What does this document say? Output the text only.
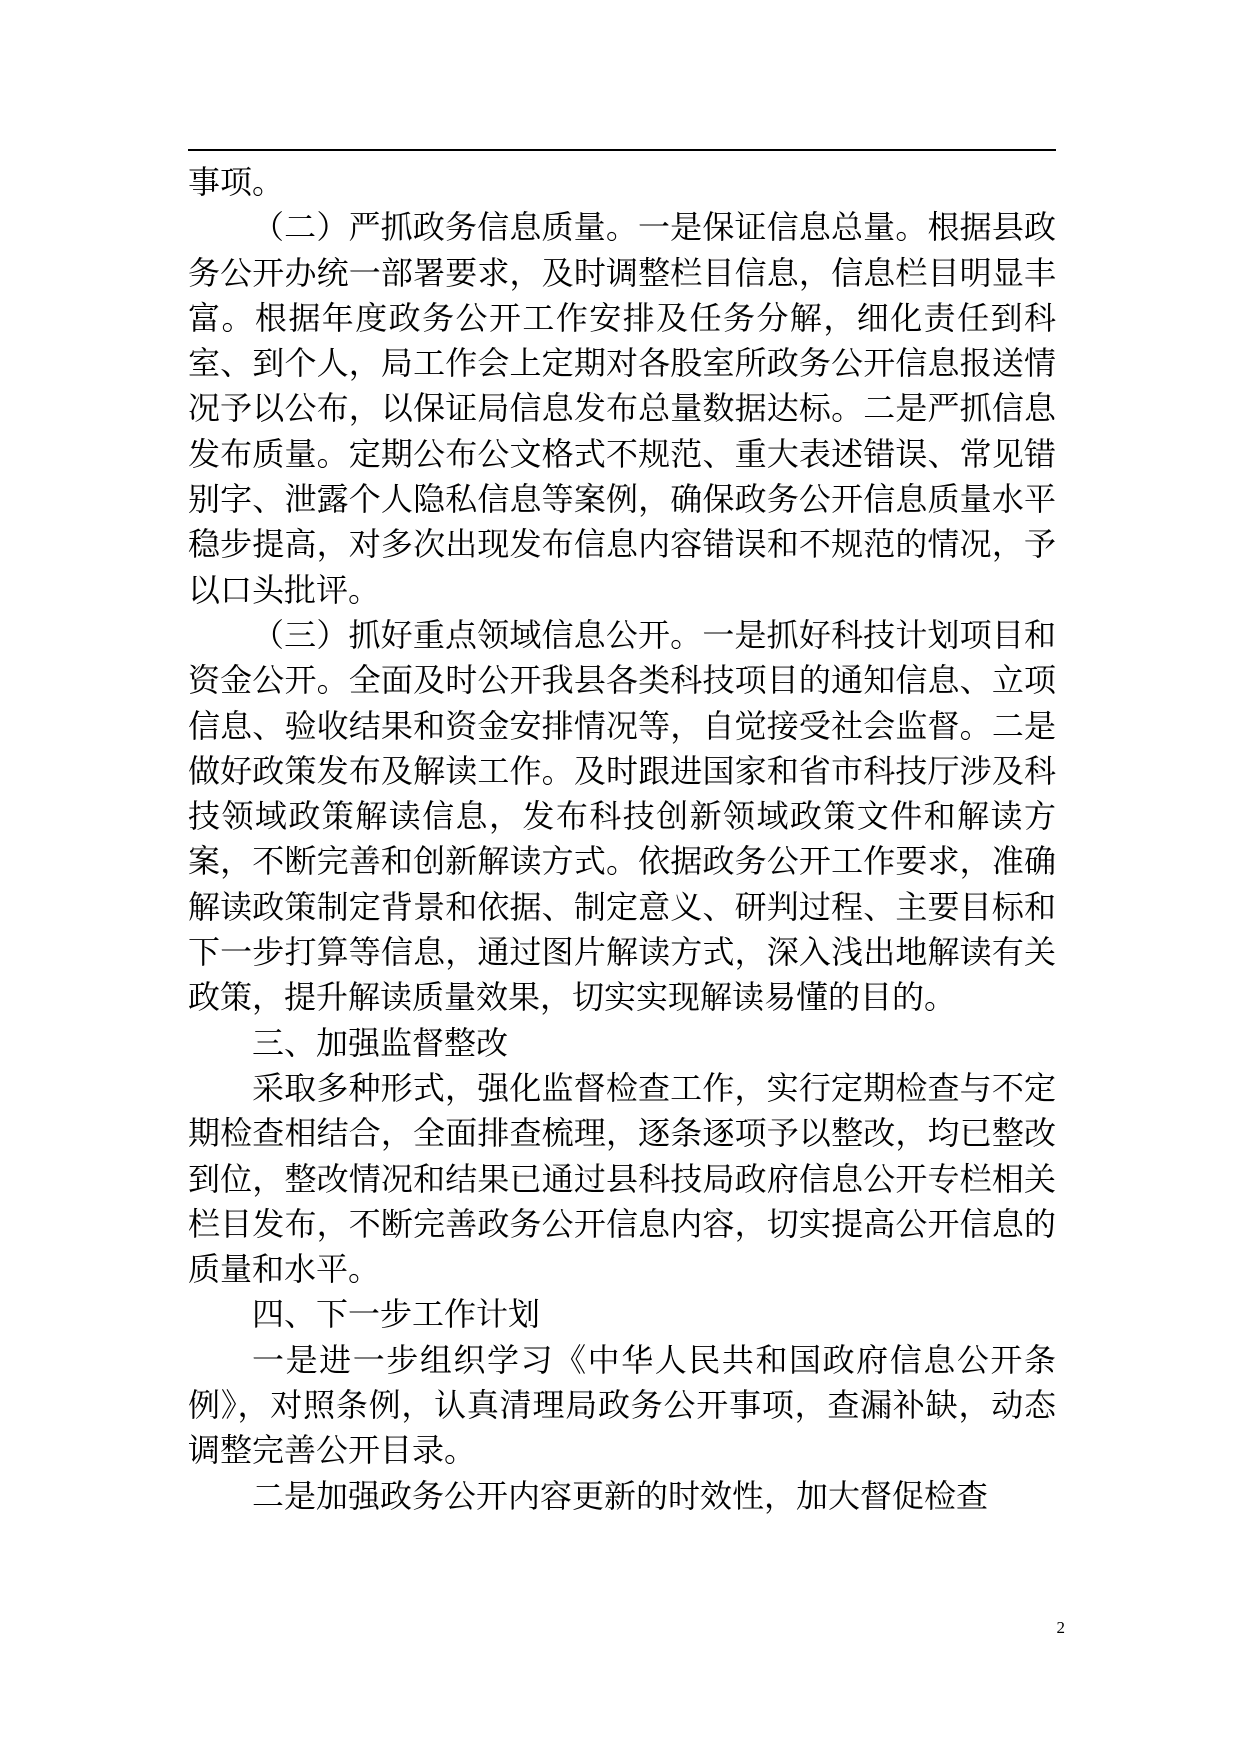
事项。

（二）严抓政务信息质量。一是保证信息总量。根据县政务公开办统一部署要求，及时调整栏目信息，信息栏目明显丰富。根据年度政务公开工作安排及任务分解，细化责任到科室、到个人，局工作会上定期对各股室所政务公开信息报送情况予以公布，以保证局信息发布总量数据达标。二是严抓信息发布质量。定期公布公文格式不规范、重大表述错误、常见错别字、泄露个人隐私信息等案例，确保政务公开信息质量水平稳步提高，对多次出现发布信息内容错误和不规范的情况，予以口头批评。

（三）抓好重点领域信息公开。一是抓好科技计划项目和资金公开。全面及时公开我县各类科技项目的通知信息、立项信息、验收结果和资金安排情况等，自觉接受社会监督。二是做好政策发布及解读工作。及时跟进国家和省市科技厅涉及科技领域政策解读信息，发布科技创新领域政策文件和解读方案，不断完善和创新解读方式。依据政务公开工作要求，准确解读政策制定背景和依据、制定意义、研判过程、主要目标和下一步打算等信息，通过图片解读方式，深入浅出地解读有关政策，提升解读质量效果，切实实现解读易懂的目的。

三、加强监督整改

采取多种形式，强化监督检查工作，实行定期检查与不定期检查相结合，全面排查梳理，逐条逐项予以整改，均已整改到位，整改情况和结果已通过县科技局政府信息公开专栏相关栏目发布，不断完善政务公开信息内容，切实提高公开信息的质量和水平。

四、下一步工作计划

一是进一步组织学习《中华人民共和国政府信息公开条例》，对照条例，认真清理局政务公开事项，查漏补缺，动态调整完善公开目录。

二是加强政务公开内容更新的时效性，加大督促检查

2
